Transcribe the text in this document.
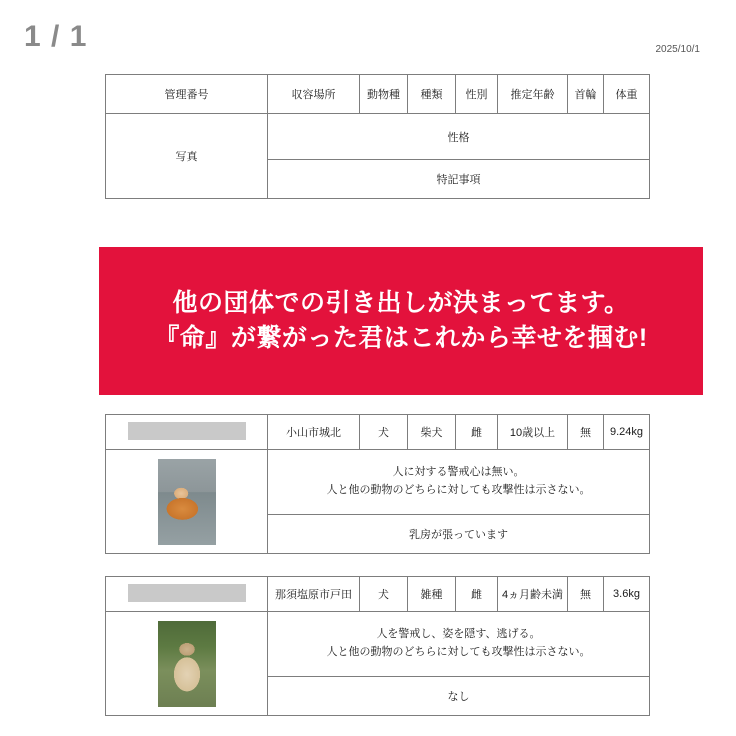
1 / 1	2025/10/1
管理番号	収容場所	動物種	種類	性別	推定年齢	首輪	体重
写真	性格						
	特記事項						
他の団体での引き出しが決まってます。
『命』が繋がった君はこれから幸せを掴む!
	小山市城北	犬	柴犬	雌	10歳以上	無	9.24kg

	人に対する警戒心は無い。
人と他の動物のどちらに対しても攻撃性は示さない。						

	乳房が張っています						
	那須塩原市戸田	犬	雑種	雌	4ヵ月齢未満	無	3.6kg

	人を警戒し、姿を隠す、逃げる。
人と他の動物のどちらに対しても攻撃性は示さない。						

	なし						
